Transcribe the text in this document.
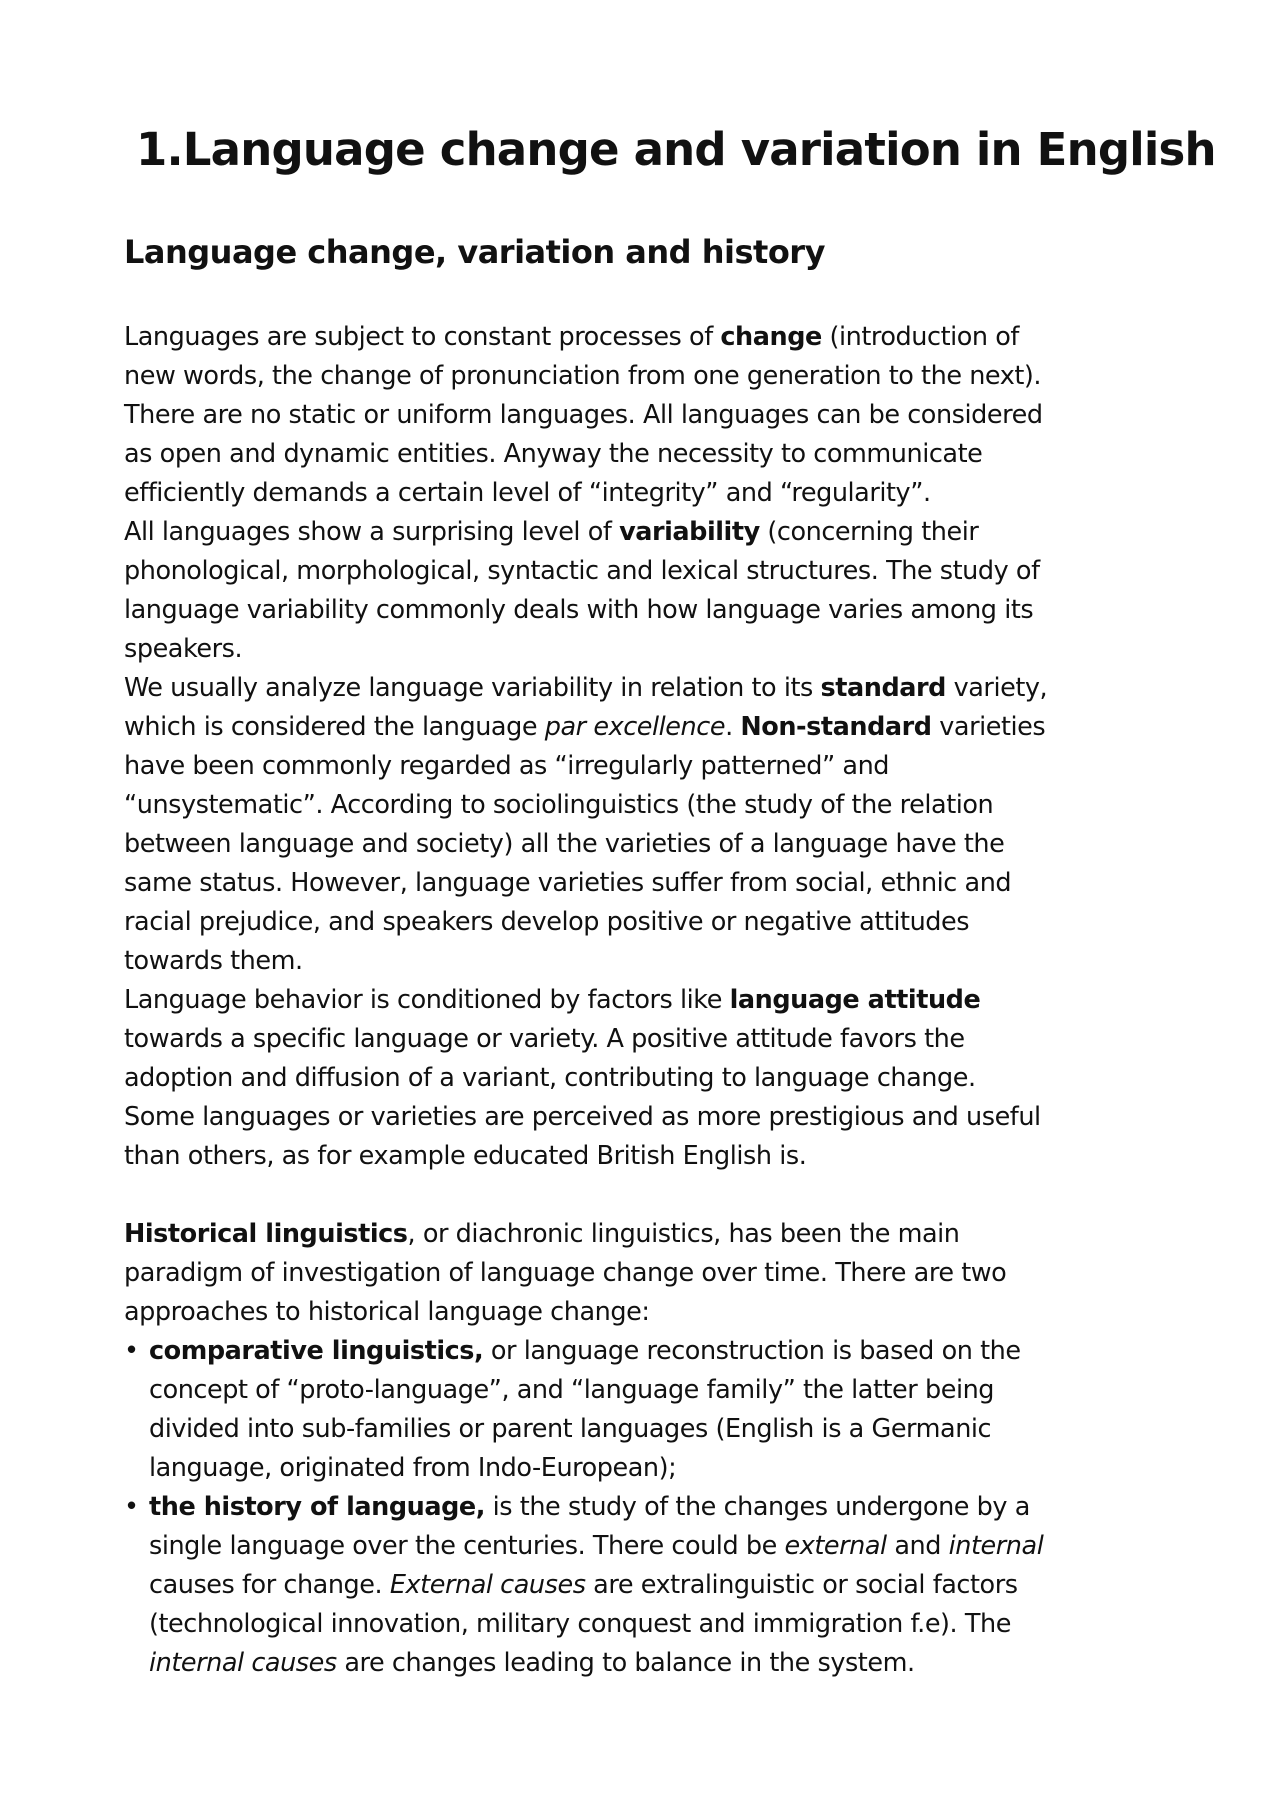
1.Language change and variation in English
Language change, variation and history
Languages are subject to constant processes of change (introduction of
new words, the change of pronunciation from one generation to the next).
There are no static or uniform languages. All languages can be considered
as open and dynamic entities. Anyway the necessity to communicate
efficiently demands a certain level of “integrity” and “regularity”.
All languages show a surprising level of variability (concerning their
phonological, morphological, syntactic and lexical structures. The study of
language variability commonly deals with how language varies among its
speakers.
We usually analyze language variability in relation to its standard variety,
which is considered the language par excellence. Non-standard varieties
have been commonly regarded as “irregularly patterned” and
“unsystematic”. According to sociolinguistics (the study of the relation
between language and society) all the varieties of a language have the
same status. However, language varieties suffer from social, ethnic and
racial prejudice, and speakers develop positive or negative attitudes
towards them.
Language behavior is conditioned by factors like language attitude
towards a specific language or variety. A positive attitude favors the
adoption and diffusion of a variant, contributing to language change.
Some languages or varieties are perceived as more prestigious and useful
than others, as for example educated British English is.
Historical linguistics, or diachronic linguistics, has been the main
paradigm of investigation of language change over time. There are two
approaches to historical language change:
• comparative linguistics, or language reconstruction is based on the
concept of “proto-language”, and “language family” the latter being
divided into sub-families or parent languages (English is a Germanic
language, originated from Indo-European);
• the history of language, is the study of the changes undergone by a
single language over the centuries. There could be external and internal
causes for change. External causes are extralinguistic or social factors
(technological innovation, military conquest and immigration f.e). The
internal causes are changes leading to balance in the system.
